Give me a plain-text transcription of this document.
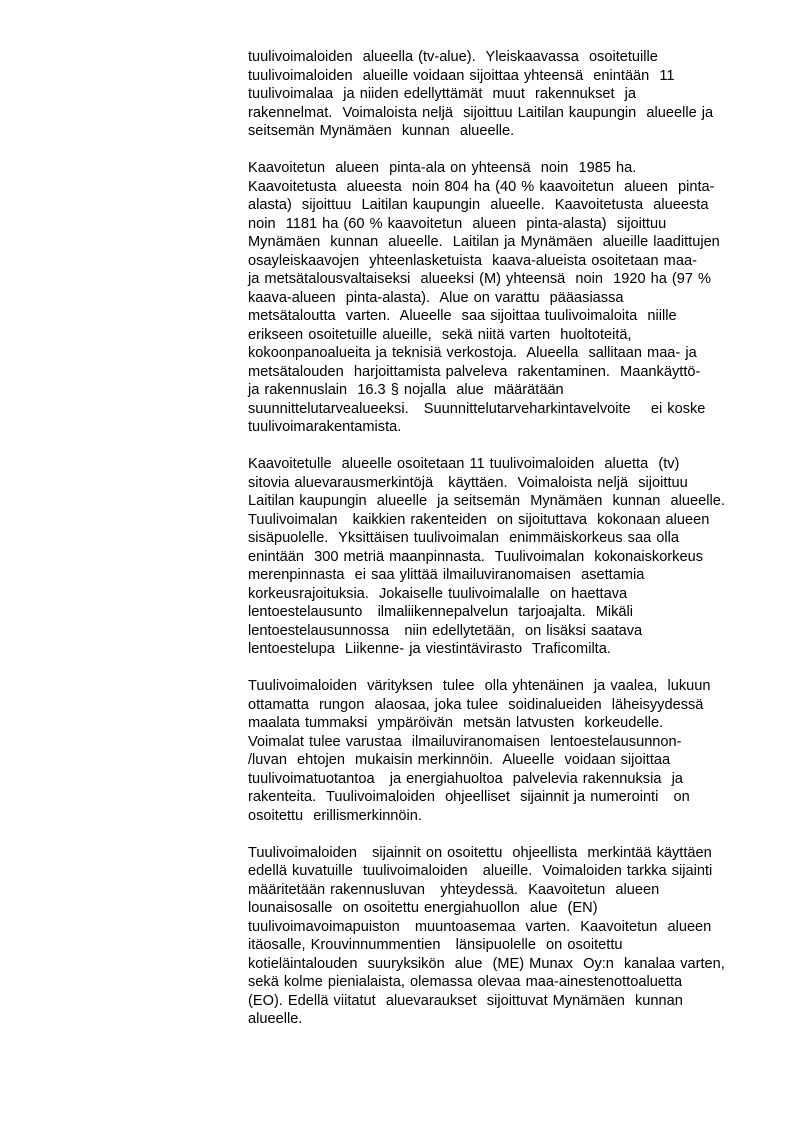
tuulivoimaloiden  alueella (tv-alue).  Yleiskaavassa  osoitetuille
tuulivoimaloiden  alueille voidaan sijoittaa yhteensä  enintään  11
tuulivoimalaa  ja niiden edellyttämät  muut  rakennukset  ja
rakennelmat.  Voimaloista neljä  sijoittuu Laitilan kaupungin  alueelle ja
seitsemän Mynämäen  kunnan  alueelle.
Kaavoitetun  alueen  pinta-ala on yhteensä  noin  1985 ha.
Kaavoitetusta  alueesta  noin 804 ha (40 % kaavoitetun  alueen  pinta-
alasta)  sijoittuu  Laitilan kaupungin  alueelle.  Kaavoitetusta  alueesta
noin  1181 ha (60 % kaavoitetun  alueen  pinta-alasta)  sijoittuu
Mynämäen  kunnan  alueelle.  Laitilan ja Mynämäen  alueille laadittujen
osayleiskaavojen  yhteenlasketuista  kaava-alueista osoitetaan maa-
ja metsätalousvaltaiseksi  alueeksi (M) yhteensä  noin  1920 ha (97 %
kaava-alueen  pinta-alasta).  Alue on varattu  pääasiassa
metsätaloutta  varten.  Alueelle  saa sijoittaa tuulivoimaloita  niille
erikseen osoitetuille alueille,  sekä niitä varten  huoltoteitä,
kokoonpanoalueita ja teknisiä verkostoja.  Alueella  sallitaan maa- ja
metsätalouden  harjoittamista palveleva  rakentaminen.  Maankäyttö-
ja rakennuslain  16.3 § nojalla  alue  määrätään
suunnittelutarvealueeksi.   Suunnittelutarveharkintavelvoite    ei koske
tuulivoimarakentamista.
Kaavoitetulle  alueelle osoitetaan 11 tuulivoimaloiden  aluetta  (tv)
sitovia aluevarausmerkintöjä   käyttäen.  Voimaloista neljä  sijoittuu
Laitilan kaupungin  alueelle  ja seitsemän  Mynämäen  kunnan  alueelle.
Tuulivoimalan   kaikkien rakenteiden  on sijoituttava  kokonaan alueen
sisäpuolelle.  Yksittäisen tuulivoimalan  enimmäiskorkeus saa olla
enintään  300 metriä maanpinnasta.  Tuulivoimalan  kokonaiskorkeus
merenpinnasta  ei saa ylittää ilmailuviranomaisen  asettamia
korkeusrajoituksia.  Jokaiselle tuulivoimalalle  on haettava
lentoestelausunto   ilmaliikennepalvelun  tarjoajalta.  Mikäli
lentoestelausunnossa   niin edellytetään,  on lisäksi saatava
lentoestelupa  Liikenne- ja viestintävirasto  Traficomilta.
Tuulivoimaloiden  värityksen  tulee  olla yhtenäinen  ja vaalea,  lukuun
ottamatta  rungon  alaosaa, joka tulee  soidinalueiden  läheisyydessä
maalata tummaksi  ympäröivän  metsän latvusten  korkeudelle.
Voimalat tulee varustaa  ilmailuviranomaisen  lentoestelausunnon-
/luvan  ehtojen  mukaisin merkinnöin.  Alueelle  voidaan sijoittaa
tuulivoimatuotantoa   ja energiahuoltoa  palvelevia rakennuksia  ja
rakenteita.  Tuulivoimaloiden  ohjeelliset  sijainnit ja numerointi   on
osoitettu  erillismerkinnöin.
Tuulivoimaloiden   sijainnit on osoitettu  ohjeellista  merkintää käyttäen
edellä kuvatuille  tuulivoimaloiden   alueille.  Voimaloiden tarkka sijainti
määritetään rakennusluvan   yhteydessä.  Kaavoitetun  alueen
lounaisosalle  on osoitettu energiahuollon  alue  (EN)
tuulivoimavoimapuiston   muuntoasemaa  varten.  Kaavoitetun  alueen
itäosalle, Krouvinnummentien   länsipuolelle  on osoitettu
kotieläintalouden  suuryksikön  alue  (ME) Munax  Oy:n  kanalaa varten,
sekä kolme pienialaista, olemassa olevaa maa-ainestenottoaluetta
(EO). Edellä viitatut  aluevaraukset  sijoittuvat Mynämäen  kunnan
alueelle.
